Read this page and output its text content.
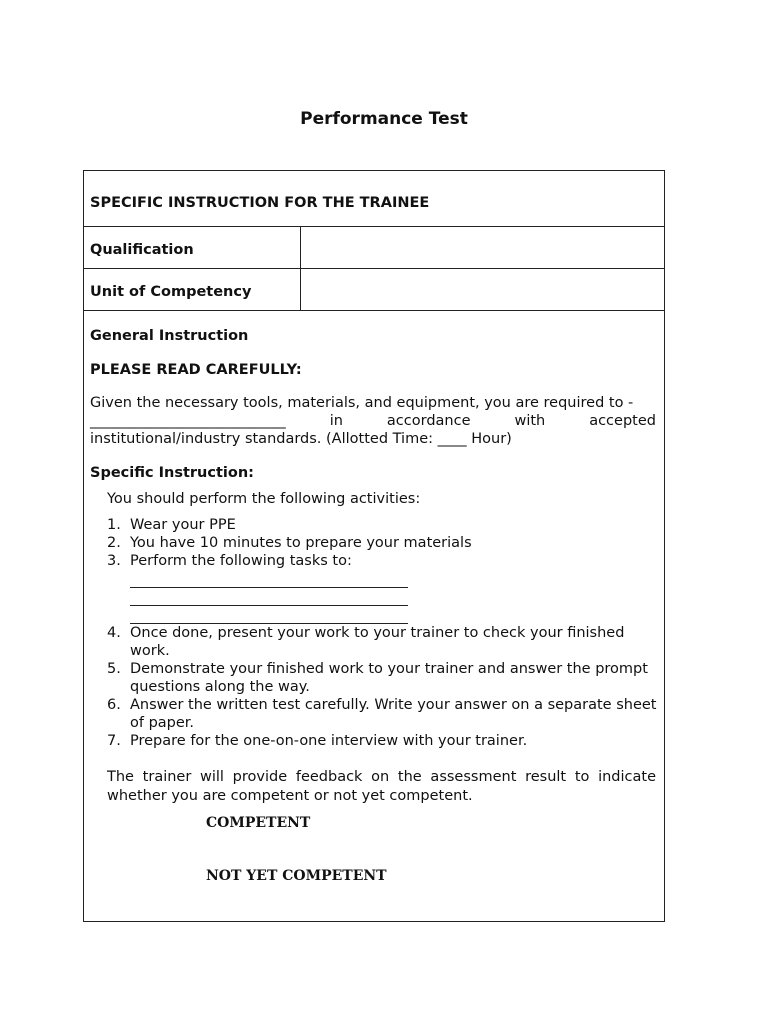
Performance Test
SPECIFIC INSTRUCTION FOR THE TRAINEE
Qualification
Unit of Competency
General Instruction
PLEASE READ CAREFULLY:
Given the necessary tools, materials, and equipment, you are required to -
___________________________	in	accordance	with	accepted
institutional/industry standards. (Allotted Time: ____ Hour)
Specific Instruction:
You should perform the following activities:
1. Wear your PPE
2. You have 10 minutes to prepare your materials
3. Perform the following tasks to:
4. Once done, present your work to your trainer to check your finished work.
5. Demonstrate your finished work to your trainer and answer the prompt questions along the way.
6. Answer the written test carefully. Write your answer on a separate sheet of paper.
7. Prepare for the one-on-one interview with your trainer.
The trainer will provide feedback on the assessment result to indicate whether you are competent or not yet competent.
COMPETENT
NOT YET COMPETENT
